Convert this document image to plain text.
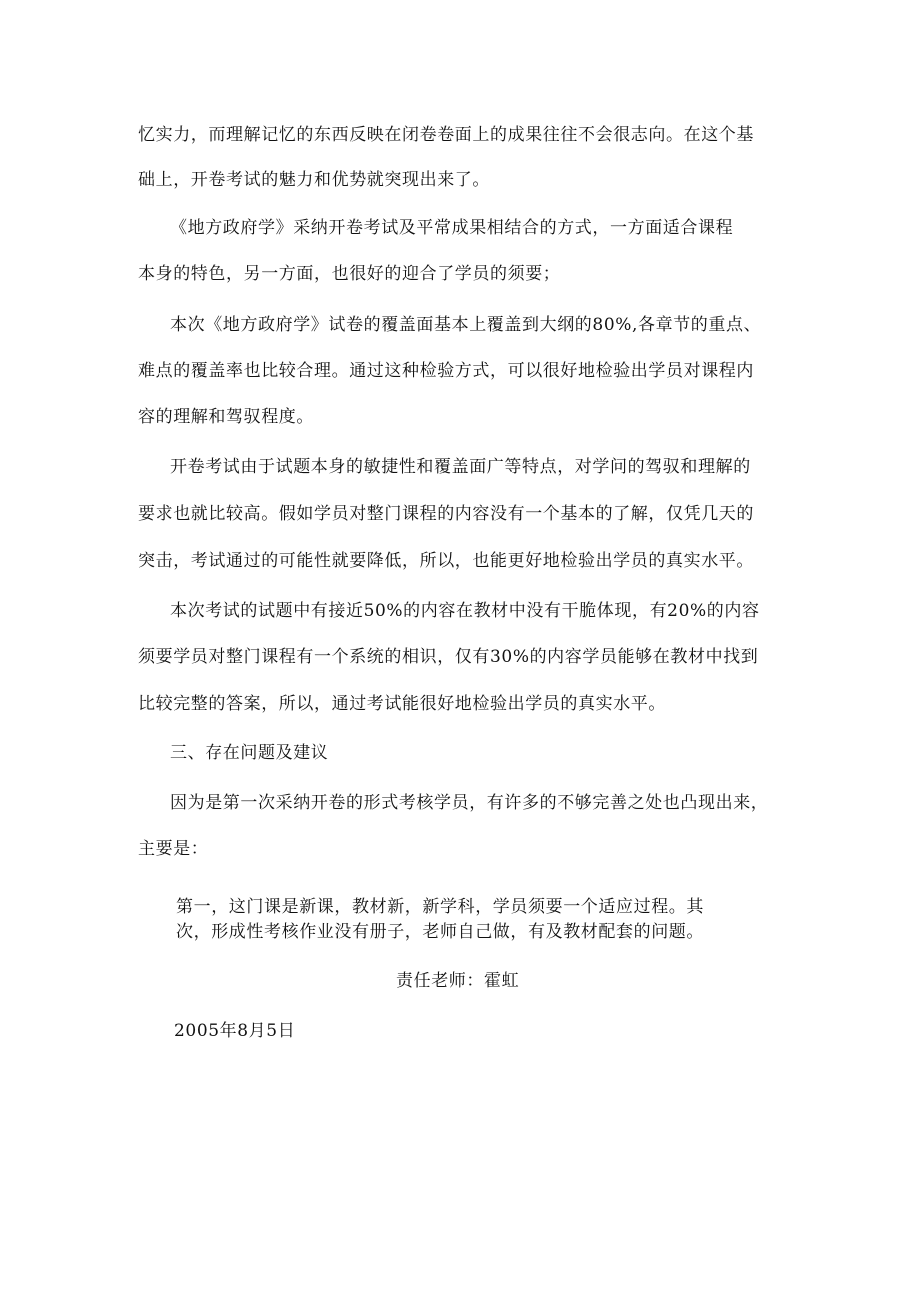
忆实力，而理解记忆的东西反映在闭卷卷面上的成果往往不会很志向。在这个基
础上，开卷考试的魅力和优势就突现出来了。
《地方政府学》采纳开卷考试及平常成果相结合的方式，一方面适合课程
本身的特色，另一方面，也很好的迎合了学员的须要；
本次《地方政府学》试卷的覆盖面基本上覆盖到大纲的80%,各章节的重点、
难点的覆盖率也比较合理。通过这种检验方式，可以很好地检验出学员对课程内
容的理解和驾驭程度。
开卷考试由于试题本身的敏捷性和覆盖面广等特点，对学问的驾驭和理解的
要求也就比较高。假如学员对整门课程的内容没有一个基本的了解，仅凭几天的
突击，考试通过的可能性就要降低，所以，也能更好地检验出学员的真实水平。
本次考试的试题中有接近50%的内容在教材中没有干脆体现，有20%的内容
须要学员对整门课程有一个系统的相识，仅有30%的内容学员能够在教材中找到
比较完整的答案，所以，通过考试能很好地检验出学员的真实水平。
三、存在问题及建议
因为是第一次采纳开卷的形式考核学员，有许多的不够完善之处也凸现出来，
主要是：
第一，这门课是新课，教材新，新学科，学员须要一个适应过程。其
次，形成性考核作业没有册子，老师自己做，有及教材配套的问题。
责任老师：霍虹
2005年8月5日
